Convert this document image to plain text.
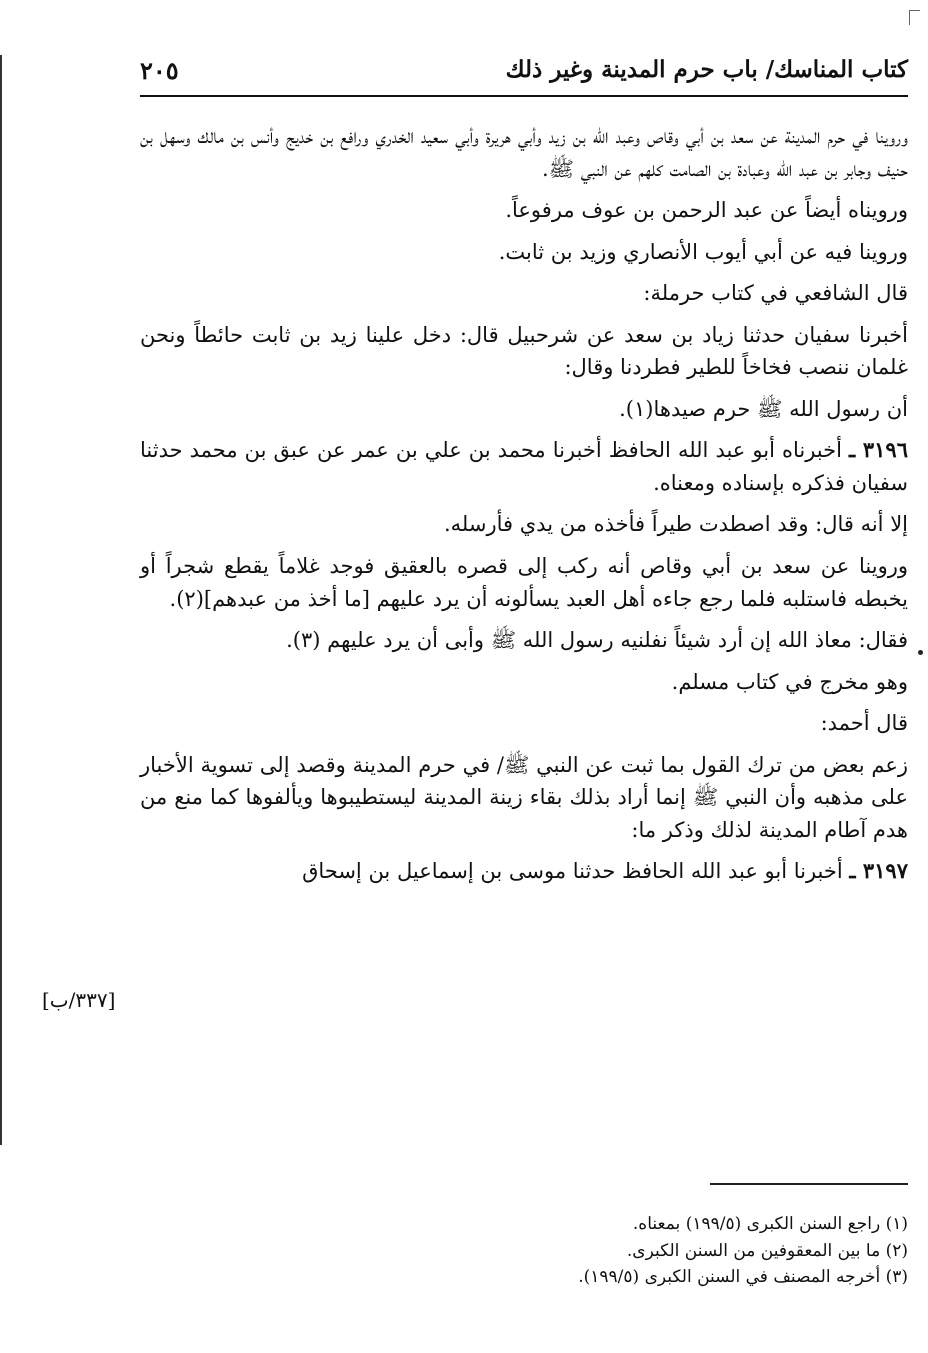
كتاب المناسك/ باب حرم المدينة وغير ذلك
٢٠٥

وروينا في حرم المدينة عن سعد بن أبي وقاص وعبد الله بن زيد وأبي هريرة وأبي سعيد الخدري ورافع بن خديج وأنس بن مالك وسهل بن حنيف وجابر بن عبد الله وعبادة بن الصامت كلهم عن النبي ﷺ.

ورويناه أيضاً عن عبد الرحمن بن عوف مرفوعاً.

وروينا فيه عن أبي أيوب الأنصاري وزيد بن ثابت.

قال الشافعي في كتاب حرملة:

أخبرنا سفيان حدثنا زياد بن سعد عن شرحبيل قال: دخل علينا زيد بن ثابت حائطاً ونحن غلمان ننصب فخاخاً للطير فطردنا وقال:

أن رسول الله ﷺ حرم صيدها(١).

٣١٩٦ ـ أخبرناه أبو عبد الله الحافظ أخبرنا محمد بن علي بن عمر عن عبق بن محمد حدثنا سفيان فذكره بإسناده ومعناه.

إلا أنه قال: وقد اصطدت طيراً فأخذه من يدي فأرسله.

وروينا عن سعد بن أبي وقاص أنه ركب إلى قصره بالعقيق فوجد غلاماً يقطع شجراً أو يخبطه فاستلبه فلما رجع جاءه أهل العبد يسألونه أن يرد عليهم [ما أخذ من عبدهم](٢).

فقال: معاذ الله إن أرد شيئاً نفلنيه رسول الله ﷺ وأبى أن يرد عليهم (٣).

وهو مخرج في كتاب مسلم.

قال أحمد:

زعم بعض من ترك القول بما ثبت عن النبي ﷺ/ في حرم المدينة وقصد إلى تسوية الأخبار على مذهبه وأن النبي ﷺ إنما أراد بذلك بقاء زينة المدينة ليستطيبوها ويألفوها كما منع من هدم آطام المدينة لذلك وذكر ما:

٣١٩٧ ـ أخبرنا أبو عبد الله الحافظ حدثنا موسى بن إسماعيل بن إسحاق

[٣٣٧/ب]
(١) راجع السنن الكبرى (١٩٩/٥) بمعناه.
(٢) ما بين المعقوفين من السنن الكبرى.
(٣) أخرجه المصنف في السنن الكبرى (١٩٩/٥).
